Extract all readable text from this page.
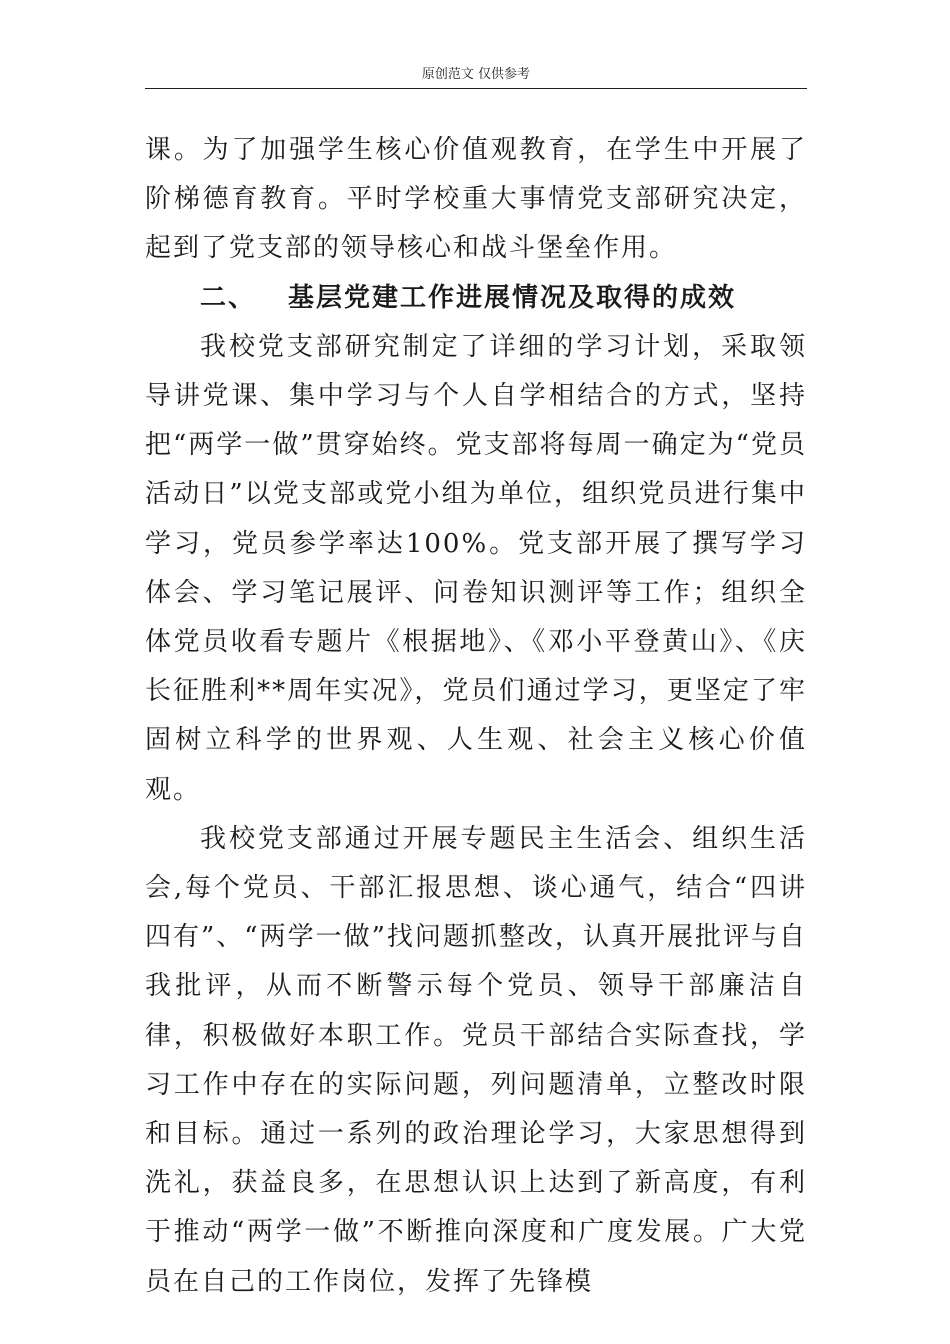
原创范文 仅供参考

课。为了加强学生核心价值观教育，在学生中开展了阶梯德育教育。平时学校重大事情党支部研究决定，起到了党支部的领导核心和战斗堡垒作用。

二、 基层党建工作进展情况及取得的成效

我校党支部研究制定了详细的学习计划，采取领导讲党课、集中学习与个人自学相结合的方式，坚持把“两学一做”贯穿始终。党支部将每周一确定为“党员活动日”以党支部或党小组为单位，组织党员进行集中学习，党员参学率达100%。党支部开展了撰写学习体会、学习笔记展评、问卷知识测评等工作；组织全体党员收看专题片《根据地》、《邓小平登黄山》、《庆长征胜利**周年实况》，党员们通过学习，更坚定了牢固树立科学的世界观、人生观、社会主义核心价值观。

我校党支部通过开展专题民主生活会、组织生活会,每个党员、干部汇报思想、谈心通气，结合“四讲四有”、“两学一做”找问题抓整改，认真开展批评与自我批评，从而不断警示每个党员、领导干部廉洁自律，积极做好本职工作。党员干部结合实际查找，学习工作中存在的实际问题，列问题清单，立整改时限和目标。通过一系列的政治理论学习，大家思想得到洗礼，获益良多，在思想认识上达到了新高度，有利于推动“两学一做”不断推向深度和广度发展。广大党员在自己的工作岗位，发挥了先锋模
